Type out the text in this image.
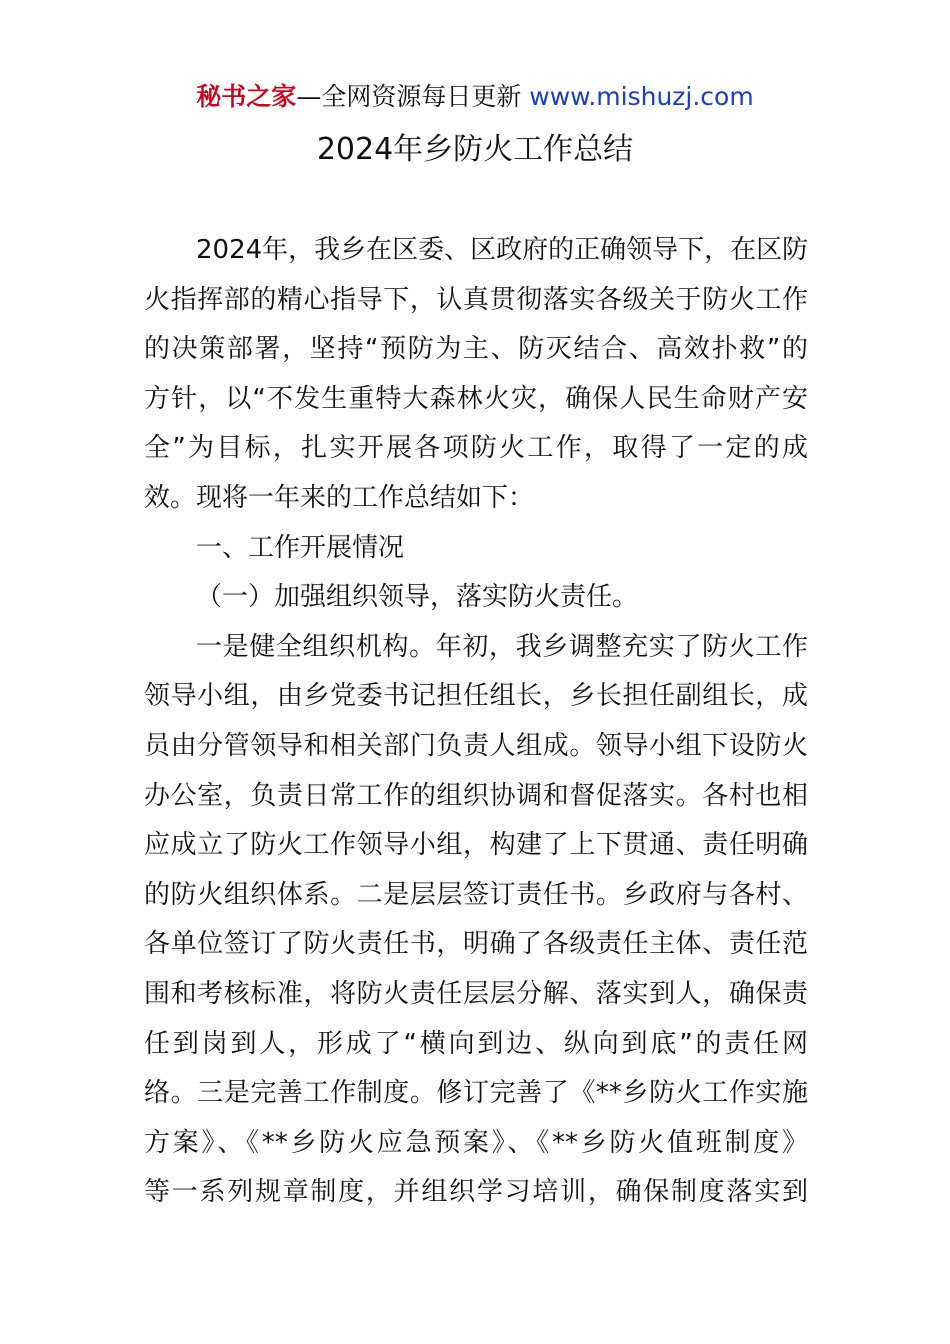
秘书之家—全网资源每日更新 www.mishuzj.com
2024年乡防火工作总结
2024年，我乡在区委、区政府的正确领导下，在区防
火指挥部的精心指导下，认真贯彻落实各级关于防火工作
的决策部署，坚持“预防为主、防灭结合、高效扑救”的
方针，以“不发生重特大森林火灾，确保人民生命财产安
全”为目标，扎实开展各项防火工作，取得了一定的成
效。现将一年来的工作总结如下：
一、工作开展情况
（一）加强组织领导，落实防火责任。
一是健全组织机构。年初，我乡调整充实了防火工作
领导小组，由乡党委书记担任组长，乡长担任副组长，成
员由分管领导和相关部门负责人组成。领导小组下设防火
办公室，负责日常工作的组织协调和督促落实。各村也相
应成立了防火工作领导小组，构建了上下贯通、责任明确
的防火组织体系。二是层层签订责任书。乡政府与各村、
各单位签订了防火责任书，明确了各级责任主体、责任范
围和考核标准，将防火责任层层分解、落实到人，确保责
任到岗到人，形成了“横向到边、纵向到底”的责任网
络。三是完善工作制度。修订完善了《**乡防火工作实施
方案》、《**乡防火应急预案》、《**乡防火值班制度》
等一系列规章制度，并组织学习培训，确保制度落实到
